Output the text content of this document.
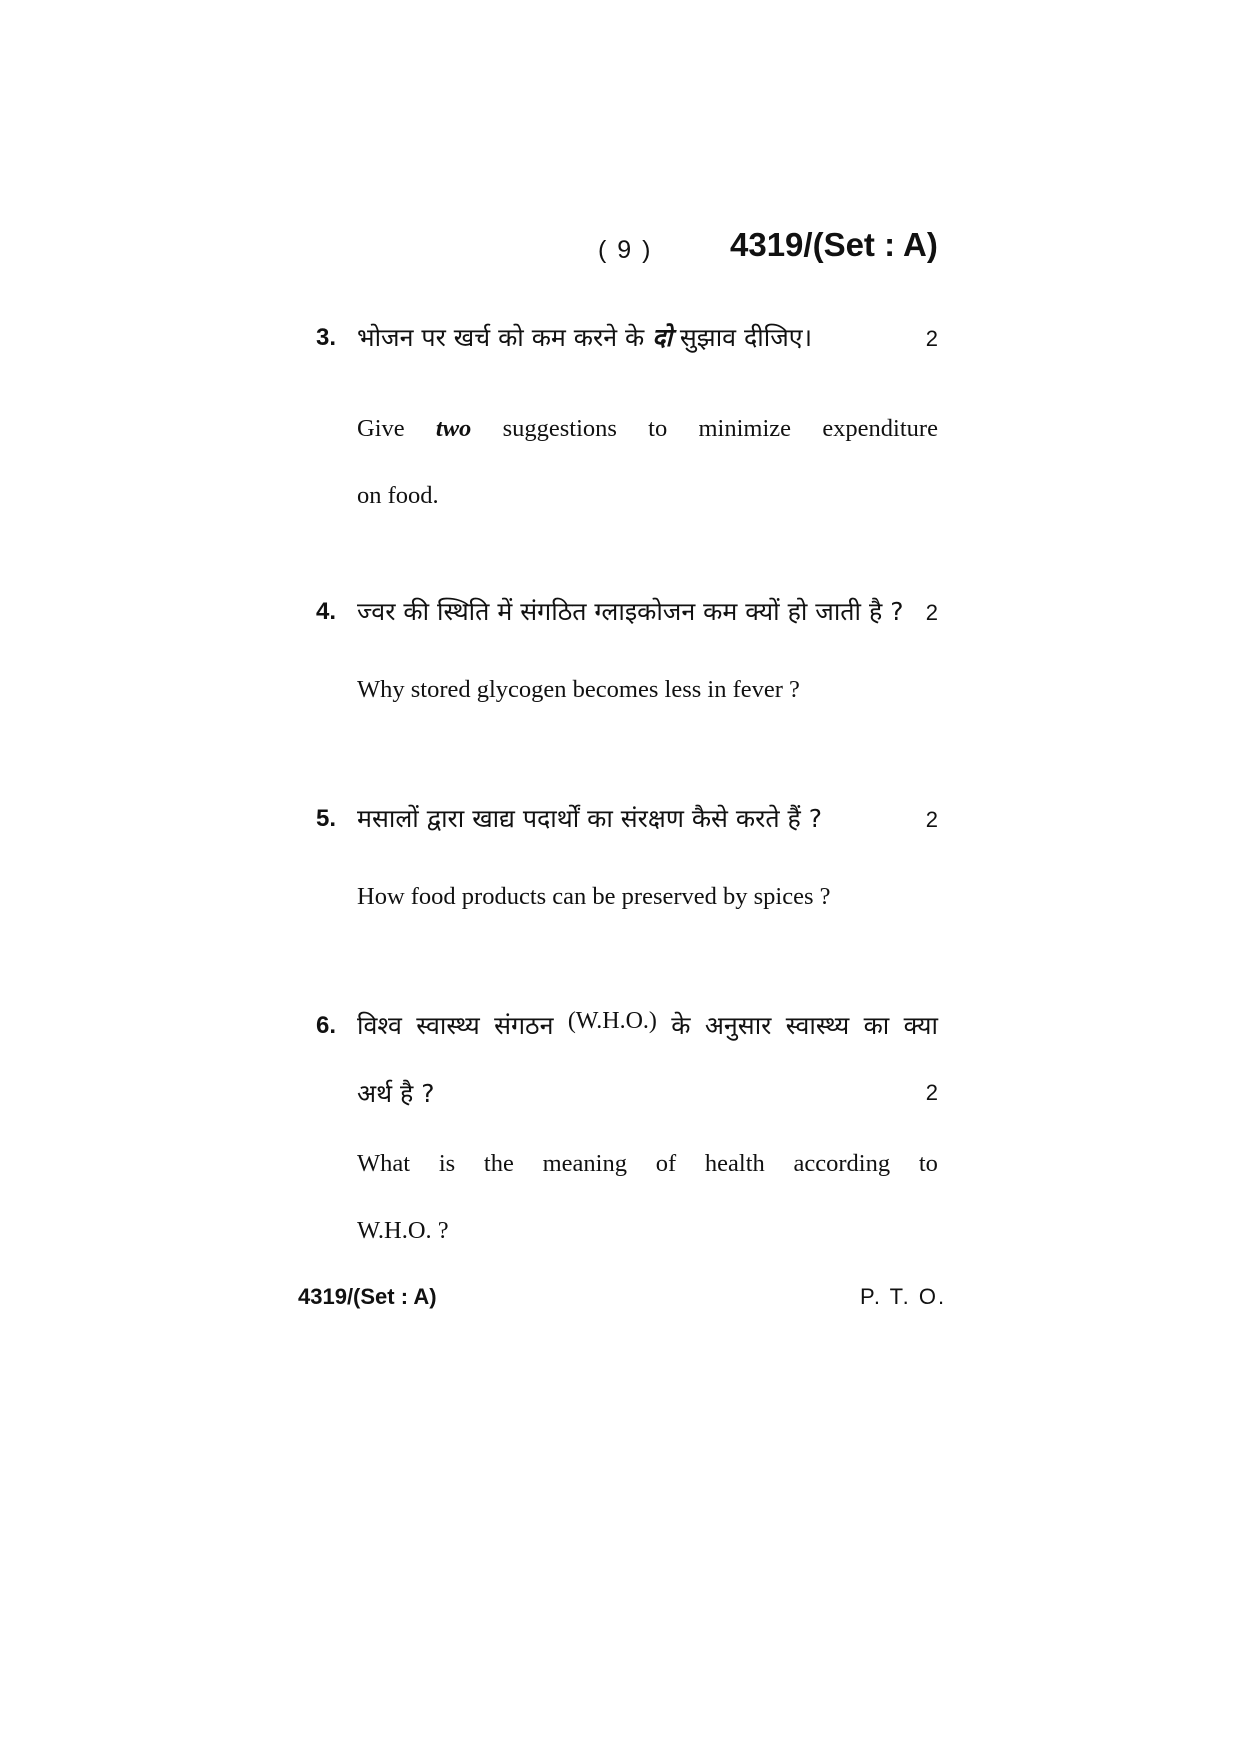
( 9 ) 4319/(Set : A)
3. भोजन पर खर्च को कम करने के दो सुझाव दीजिए।	2
Give two suggestions to minimize expenditure
on food.
4. ज्वर की स्थिति में संगठित ग्लाइकोजन कम क्यों हो जाती है ?	2
Why stored glycogen becomes less in fever ?
5. मसालों द्वारा खाद्य पदार्थों का संरक्षण कैसे करते हैं ?	2
How food products can be preserved by spices ?
6. विश्व स्वास्थ्य संगठन (W.H.O.) के अनुसार स्वास्थ्य का क्या
अर्थ है ?	2
What is the meaning of health according to
W.H.O. ?
4319/(Set : A)	P. T. O.
